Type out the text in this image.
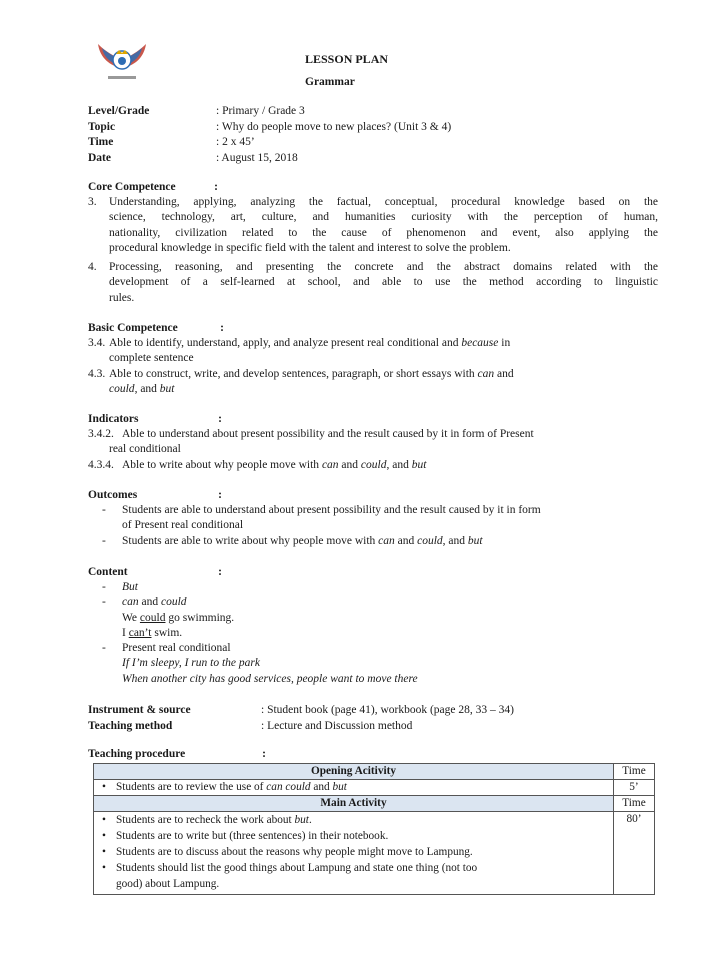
LESSON PLAN
Grammar
Level/Grade	: Primary / Grade 3
Topic	: Why do people move to new places? (Unit 3 & 4)
Time	: 2 x 45’
Date	: August 15, 2018
Core Competence	:
3. Understanding, applying, analyzing the factual, conceptual, procedural knowledge based on the
science, technology, art, culture, and humanities curiosity with the perception of human,
nationality, civilization related to the cause of phenomenon and event, also applying the
procedural knowledge in specific field with the talent and interest to solve the problem.
4. Processing, reasoning, and presenting the concrete and the abstract domains related with the
development of a self-learned at school, and able to use the method according to linguistic
rules.
Basic Competence	:
3.4. Able to identify, understand, apply, and analyze present real conditional and because in
complete sentence
4.3. Able to construct, write, and develop sentences, paragraph, or short essays with can and
could, and but
Indicators	:
3.4.2. Able to understand about present possibility and the result caused by it in form of Present
real conditional
4.3.4. Able to write about why people move with can and could, and but
Outcomes	:
- Students are able to understand about present possibility and the result caused by it in form
of Present real conditional
- Students are able to write about why people move with can and could, and but
Content	:
- But
- can and could
We could go swimming.
I can’t swim.
- Present real conditional
If I’m sleepy, I run to the park
When another city has good services, people want to move there
Instrument & source	: Student book (page 41), workbook (page 28, 33 – 34)
Teaching method	: Lecture and Discussion method
Teaching procedure	:
Opening Acitivity	Time

• Students are to review the use of can could and but	5’
Main Activity	Time

• Students are to recheck the work about but.
• Students are to write but (three sentences) in their notebook.
• Students are to discuss about the reasons why people might move to Lampung.
• Students should list the good things about Lampung and state one thing (not too
good) about Lampung.	80’
